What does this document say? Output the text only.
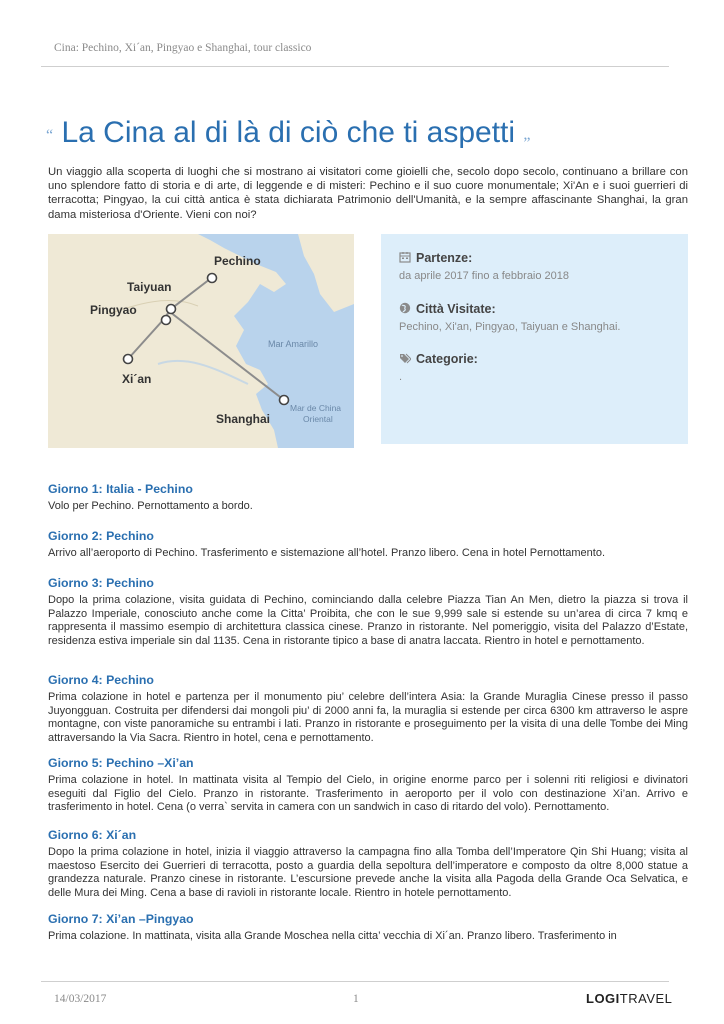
Cina: Pechino, Xi´an, Pingyao e Shanghai, tour classico
“ La Cina al di là di ciò che ti aspetti $_”$
Un viaggio alla scoperta di luoghi che si mostrano ai visitatori come gioielli che, secolo dopo secolo, continuano a brillare con uno splendore fatto di storia e di arte, di leggende e di misteri: Pechino e il suo cuore monumentale; Xi'An e i suoi guerrieri di terracotta; Pingyao, la cui città antica è stata dichiarata Patrimonio dell'Umanità, e la sempre affascinante Shanghai, la gran dama misteriosa d'Oriente. Vieni con noi?
Pechino
Taiyuan
Pingyao
Xi´an
Shanghai
Mar Amarillo
Mar de China
Oriental
Partenze:
da aprile 2017 fino a febbraio 2018
Città Visitate:
Pechino, Xi'an, Pingyao, Taiyuan e Shanghai.
Categorie:
.
Giorno 1: Italia - Pechino

Volo per Pechino. Pernottamento a bordo.

Giorno 2: Pechino

Arrivo all’aeroporto di Pechino. Trasferimento e sistemazione all’hotel. Pranzo libero. Cena in hotel Pernottamento.

Giorno 3: Pechino

Dopo la prima colazione, visita guidata di Pechino, cominciando dalla celebre Piazza Tian An Men, dietro la piazza si trova il Palazzo Imperiale, conosciuto anche come la Citta’ Proibita, che con le sue 9,999 sale si estende su un’area di circa 7 kmq e rappresenta il massimo esempio di architettura classica cinese. Pranzo in ristorante. Nel pomeriggio, visita del Palazzo d’Estate, residenza estiva imperiale sin dal 1135. Cena in ristorante tipico a base di anatra laccata. Rientro in hotel e pernottamento.

Giorno 4: Pechino

Prima colazione in hotel e partenza per il monumento piu’ celebre dell’intera Asia: la Grande Muraglia Cinese presso il passo Juyongguan. Costruita per difendersi dai mongoli piu’ di 2000 anni fa, la muraglia si estende per circa 6300 km attraverso le aspre montagne, con viste panoramiche su entrambi i lati. Pranzo in ristorante e proseguimento per la visita di una delle Tombe dei Ming attraversando la Via Sacra. Rientro in hotel, cena e pernottamento.

Giorno 5: Pechino –Xi’an

Prima colazione in hotel. In mattinata visita al Tempio del Cielo, in origine enorme parco per i solenni riti religiosi e divinatori eseguiti dal Figlio del Cielo. Pranzo in ristorante. Trasferimento in aeroporto per il volo con destinazione Xi’an. Arrivo e trasferimento in hotel. Cena (o verra` servita in camera con un sandwich in caso di ritardo del volo). Pernottamento.

Giorno 6: Xi´an

Dopo la prima colazione in hotel, inizia il viaggio attraverso la campagna fino alla Tomba dell’Imperatore Qin Shi Huang; visita al maestoso Esercito dei Guerrieri di terracotta, posto a guardia della sepoltura dell’imperatore e composto da oltre 8,000 statue a grandezza naturale. Pranzo cinese in ristorante. L’escursione prevede anche la visita alla Pagoda della Grande Oca Selvatica, e delle Mura dei Ming. Cena a base di ravioli in ristorante locale. Rientro in hotele pernottamento.

Giorno 7: Xi’an –Pingyao

Prima colazione. In mattinata, visita alla Grande Moschea nella citta’ vecchia di Xi´an. Pranzo libero. Trasferimento in

14/03/2017	1	LOGITRAVEL
